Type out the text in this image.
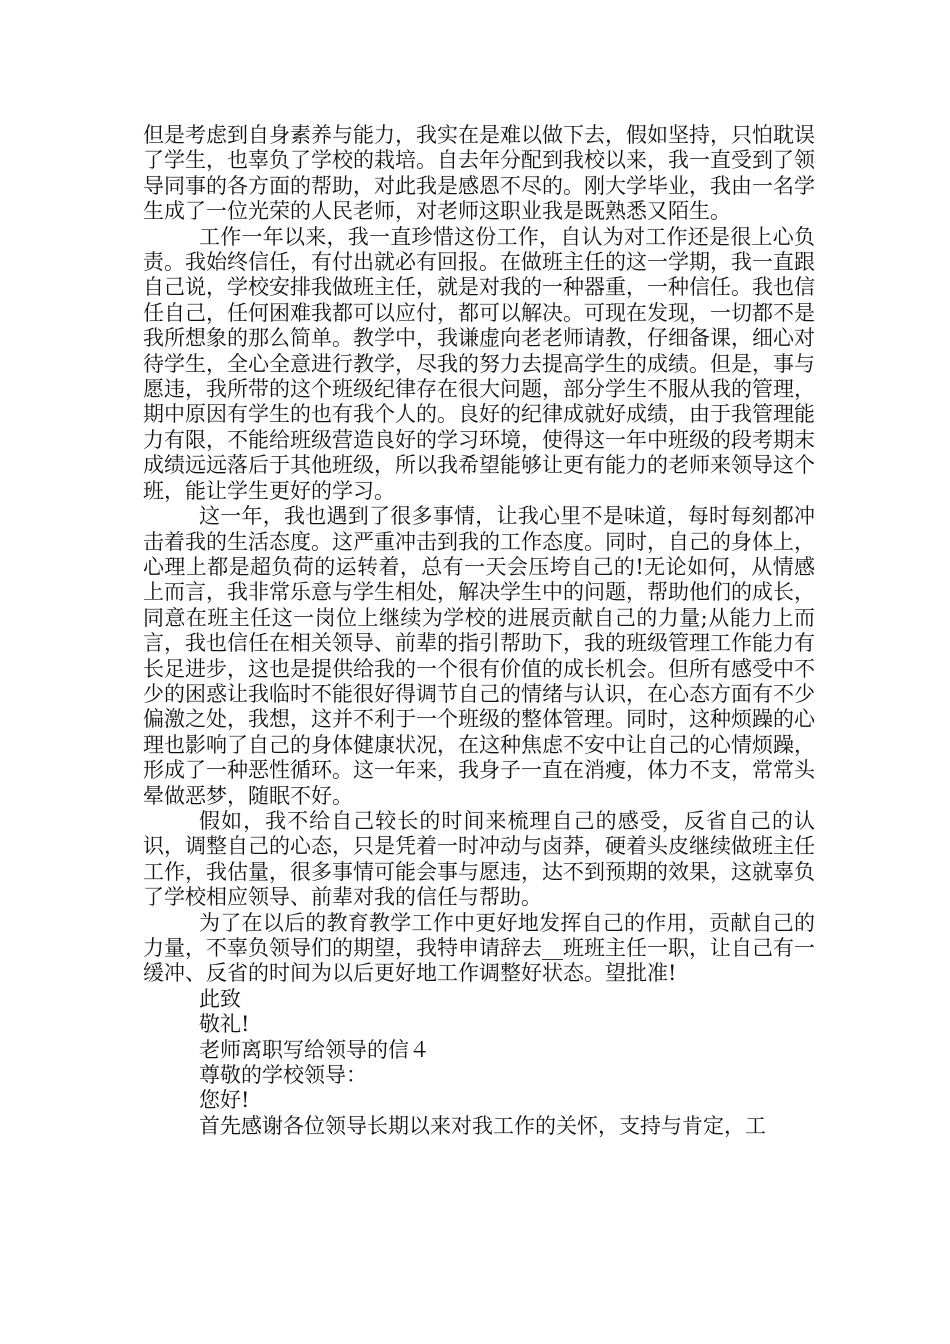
但是考虑到自身素养与能力，我实在是难以做下去，假如坚持，只怕耽误了学生，也辜负了学校的栽培。自去年分配到我校以来，我一直受到了领导同事的各方面的帮助，对此我是感恩不尽的。刚大学毕业，我由一名学生成了一位光荣的人民老师，对老师这职业我是既熟悉又陌生。

工作一年以来，我一直珍惜这份工作，自认为对工作还是很上心负责。我始终信任，有付出就必有回报。在做班主任的这一学期，我一直跟自己说，学校安排我做班主任，就是对我的一种器重，一种信任。我也信任自己，任何困难我都可以应付，都可以解决。可现在发现，一切都不是我所想象的那么简单。教学中，我谦虚向老老师请教，仔细备课，细心对待学生，全心全意进行教学，尽我的努力去提高学生的成绩。但是，事与愿违，我所带的这个班级纪律存在很大问题，部分学生不服从我的管理，期中原因有学生的也有我个人的。良好的纪律成就好成绩，由于我管理能力有限，不能给班级营造良好的学习环境，使得这一年中班级的段考期末成绩远远落后于其他班级，所以我希望能够让更有能力的老师来领导这个班，能让学生更好的学习。

这一年，我也遇到了很多事情，让我心里不是味道，每时每刻都冲击着我的生活态度。这严重冲击到我的工作态度。同时，自己的身体上，心理上都是超负荷的运转着，总有一天会压垮自己的!无论如何，从情感上而言，我非常乐意与学生相处，解决学生中的问题，帮助他们的成长，同意在班主任这一岗位上继续为学校的进展贡献自己的力量;从能力上而言，我也信任在相关领导、前辈的指引帮助下，我的班级管理工作能力有长足进步，这也是提供给我的一个很有价值的成长机会。但所有感受中不少的困惑让我临时不能很好得调节自己的情绪与认识，在心态方面有不少偏激之处，我想，这并不利于一个班级的整体管理。同时，这种烦躁的心理也影响了自己的身体健康状况，在这种焦虑不安中让自己的心情烦躁，形成了一种恶性循环。这一年来，我身子一直在消瘦，体力不支，常常头晕做恶梦，随眠不好。

假如，我不给自己较长的时间来梳理自己的感受，反省自己的认识，调整自己的心态，只是凭着一时冲动与卤莽，硬着头皮继续做班主任工作，我估量，很多事情可能会事与愿违，达不到预期的效果，这就辜负了学校相应领导、前辈对我的信任与帮助。

为了在以后的教育教学工作中更好地发挥自己的作用，贡献自己的力量，不辜负领导们的期望，我特申请辞去__班班主任一职，让自己有一缓冲、反省的时间为以后更好地工作调整好状态。望批准!

此致

敬礼!

老师离职写给领导的信４

尊敬的学校领导：

您好!

首先感谢各位领导长期以来对我工作的关怀，支持与肯定，工
